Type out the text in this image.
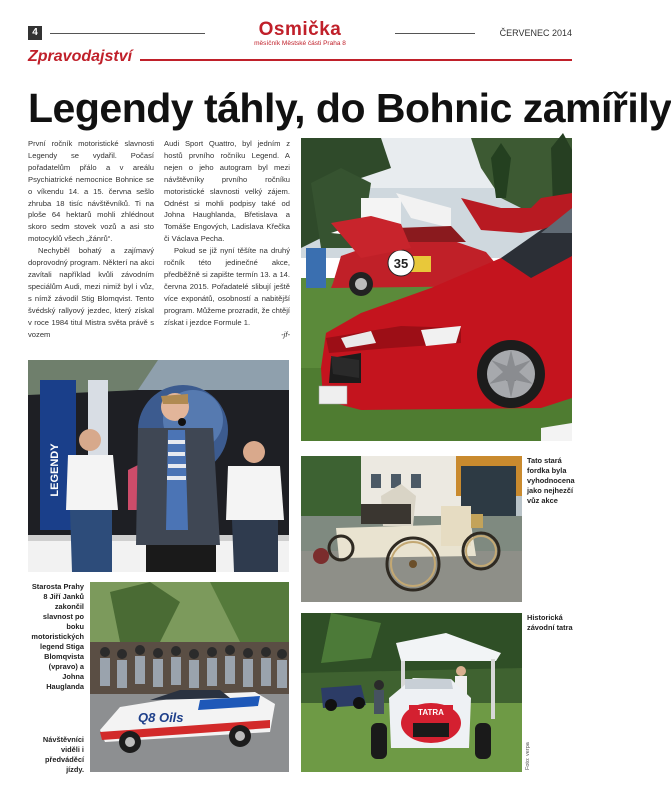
4	Osmička
měsíčník Městské části Praha 8
ČERVENEC 2014
Zpravodajství
Legendy táhly, do Bohnic zamířily

První ročník motoristické slavnosti Legendy se vydařil. Počasí pořadatelům přálo a v areálu Psychiatrické nemocnice Bohnice se o víkendu 14. a 15. června sešlo zhruba 18 tisíc návštěvníků. Ti na ploše 64 hektarů mohli zhlédnout skoro sedm stovek vozů a asi sto motocyklů všech „žánrů“.

Nechyběl bohatý a zajímavý doprovodný program. Některí na akci zavítali například kvůli závodním speciálům Audi, mezi nimiž byl i vůz, s nímž závodil Stig Blomqvist. Tento švédský rallyový jezdec, který získal v roce 1984 titul Mistra světa právě s vozem

Audi Sport Quattro, byl jedním z hostů prvního ročníku Legend. A nejen o jeho autogram byl mezi návštěvníky prvního ročníku motoristické slavnosti velký zájem. Odnést si mohli podpisy také od Johna Haughlanda, Břetislava a Tomáše Engových, Ladislava Křečka či Václava Pecha.

Pokud se již nyní těšíte na druhý ročník této jedinečné akce, předběžně si zapište termín 13. a 14. června 2015. Pořadatelé slibují ještě více exponátů, osobností a nabitější program. Můžeme prozradit, že chtějí získat i jezdce Formule 1.

-jf-
35
LEGENDY	Tato stará fordka byla vyhodnocena jako nejhezčí vůz akce
Starosta Prahy 8 Jiří Janků zakončil slavnost po boku motoristických legend Stiga Blomqvista (vpravo) a Johna Hauglanda
Q8 Oils
Návštěvníci viděli i předváděcí jízdy.
TATRA
Historická závodní tatra
Foto: verpa
